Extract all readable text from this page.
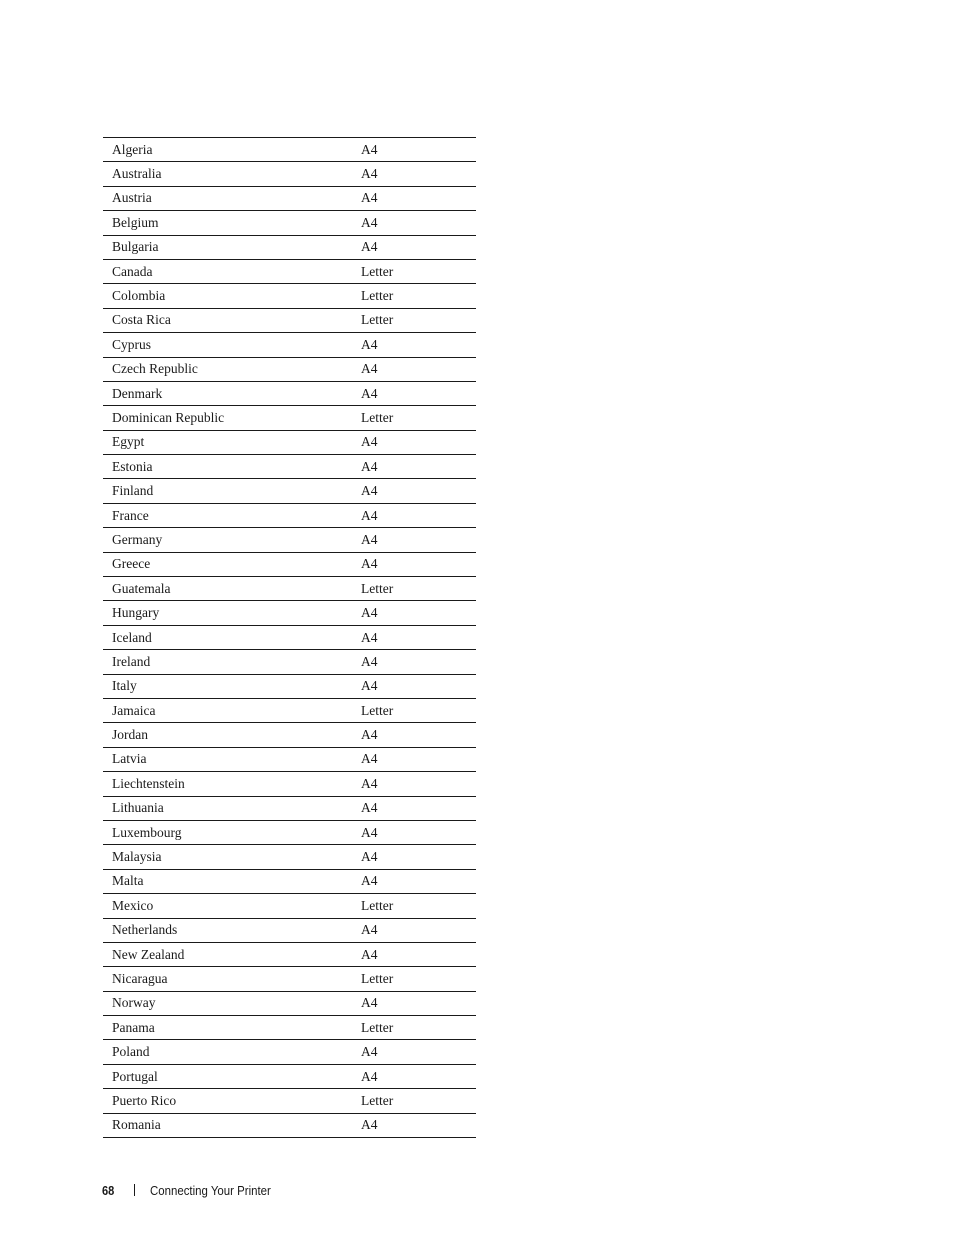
Algeria	A4
Australia	A4
Austria	A4
Belgium	A4
Bulgaria	A4
Canada	Letter
Colombia	Letter
Costa Rica	Letter
Cyprus	A4
Czech Republic	A4
Denmark	A4
Dominican Republic	Letter
Egypt	A4
Estonia	A4
Finland	A4
France	A4
Germany	A4
Greece	A4
Guatemala	Letter
Hungary	A4
Iceland	A4
Ireland	A4
Italy	A4
Jamaica	Letter
Jordan	A4
Latvia	A4
Liechtenstein	A4
Lithuania	A4
Luxembourg	A4
Malaysia	A4
Malta	A4
Mexico	Letter
Netherlands	A4
New Zealand	A4
Nicaragua	Letter
Norway	A4
Panama	Letter
Poland	A4
Portugal	A4
Puerto Rico	Letter
Romania	A4
68	Connecting Your Printer
